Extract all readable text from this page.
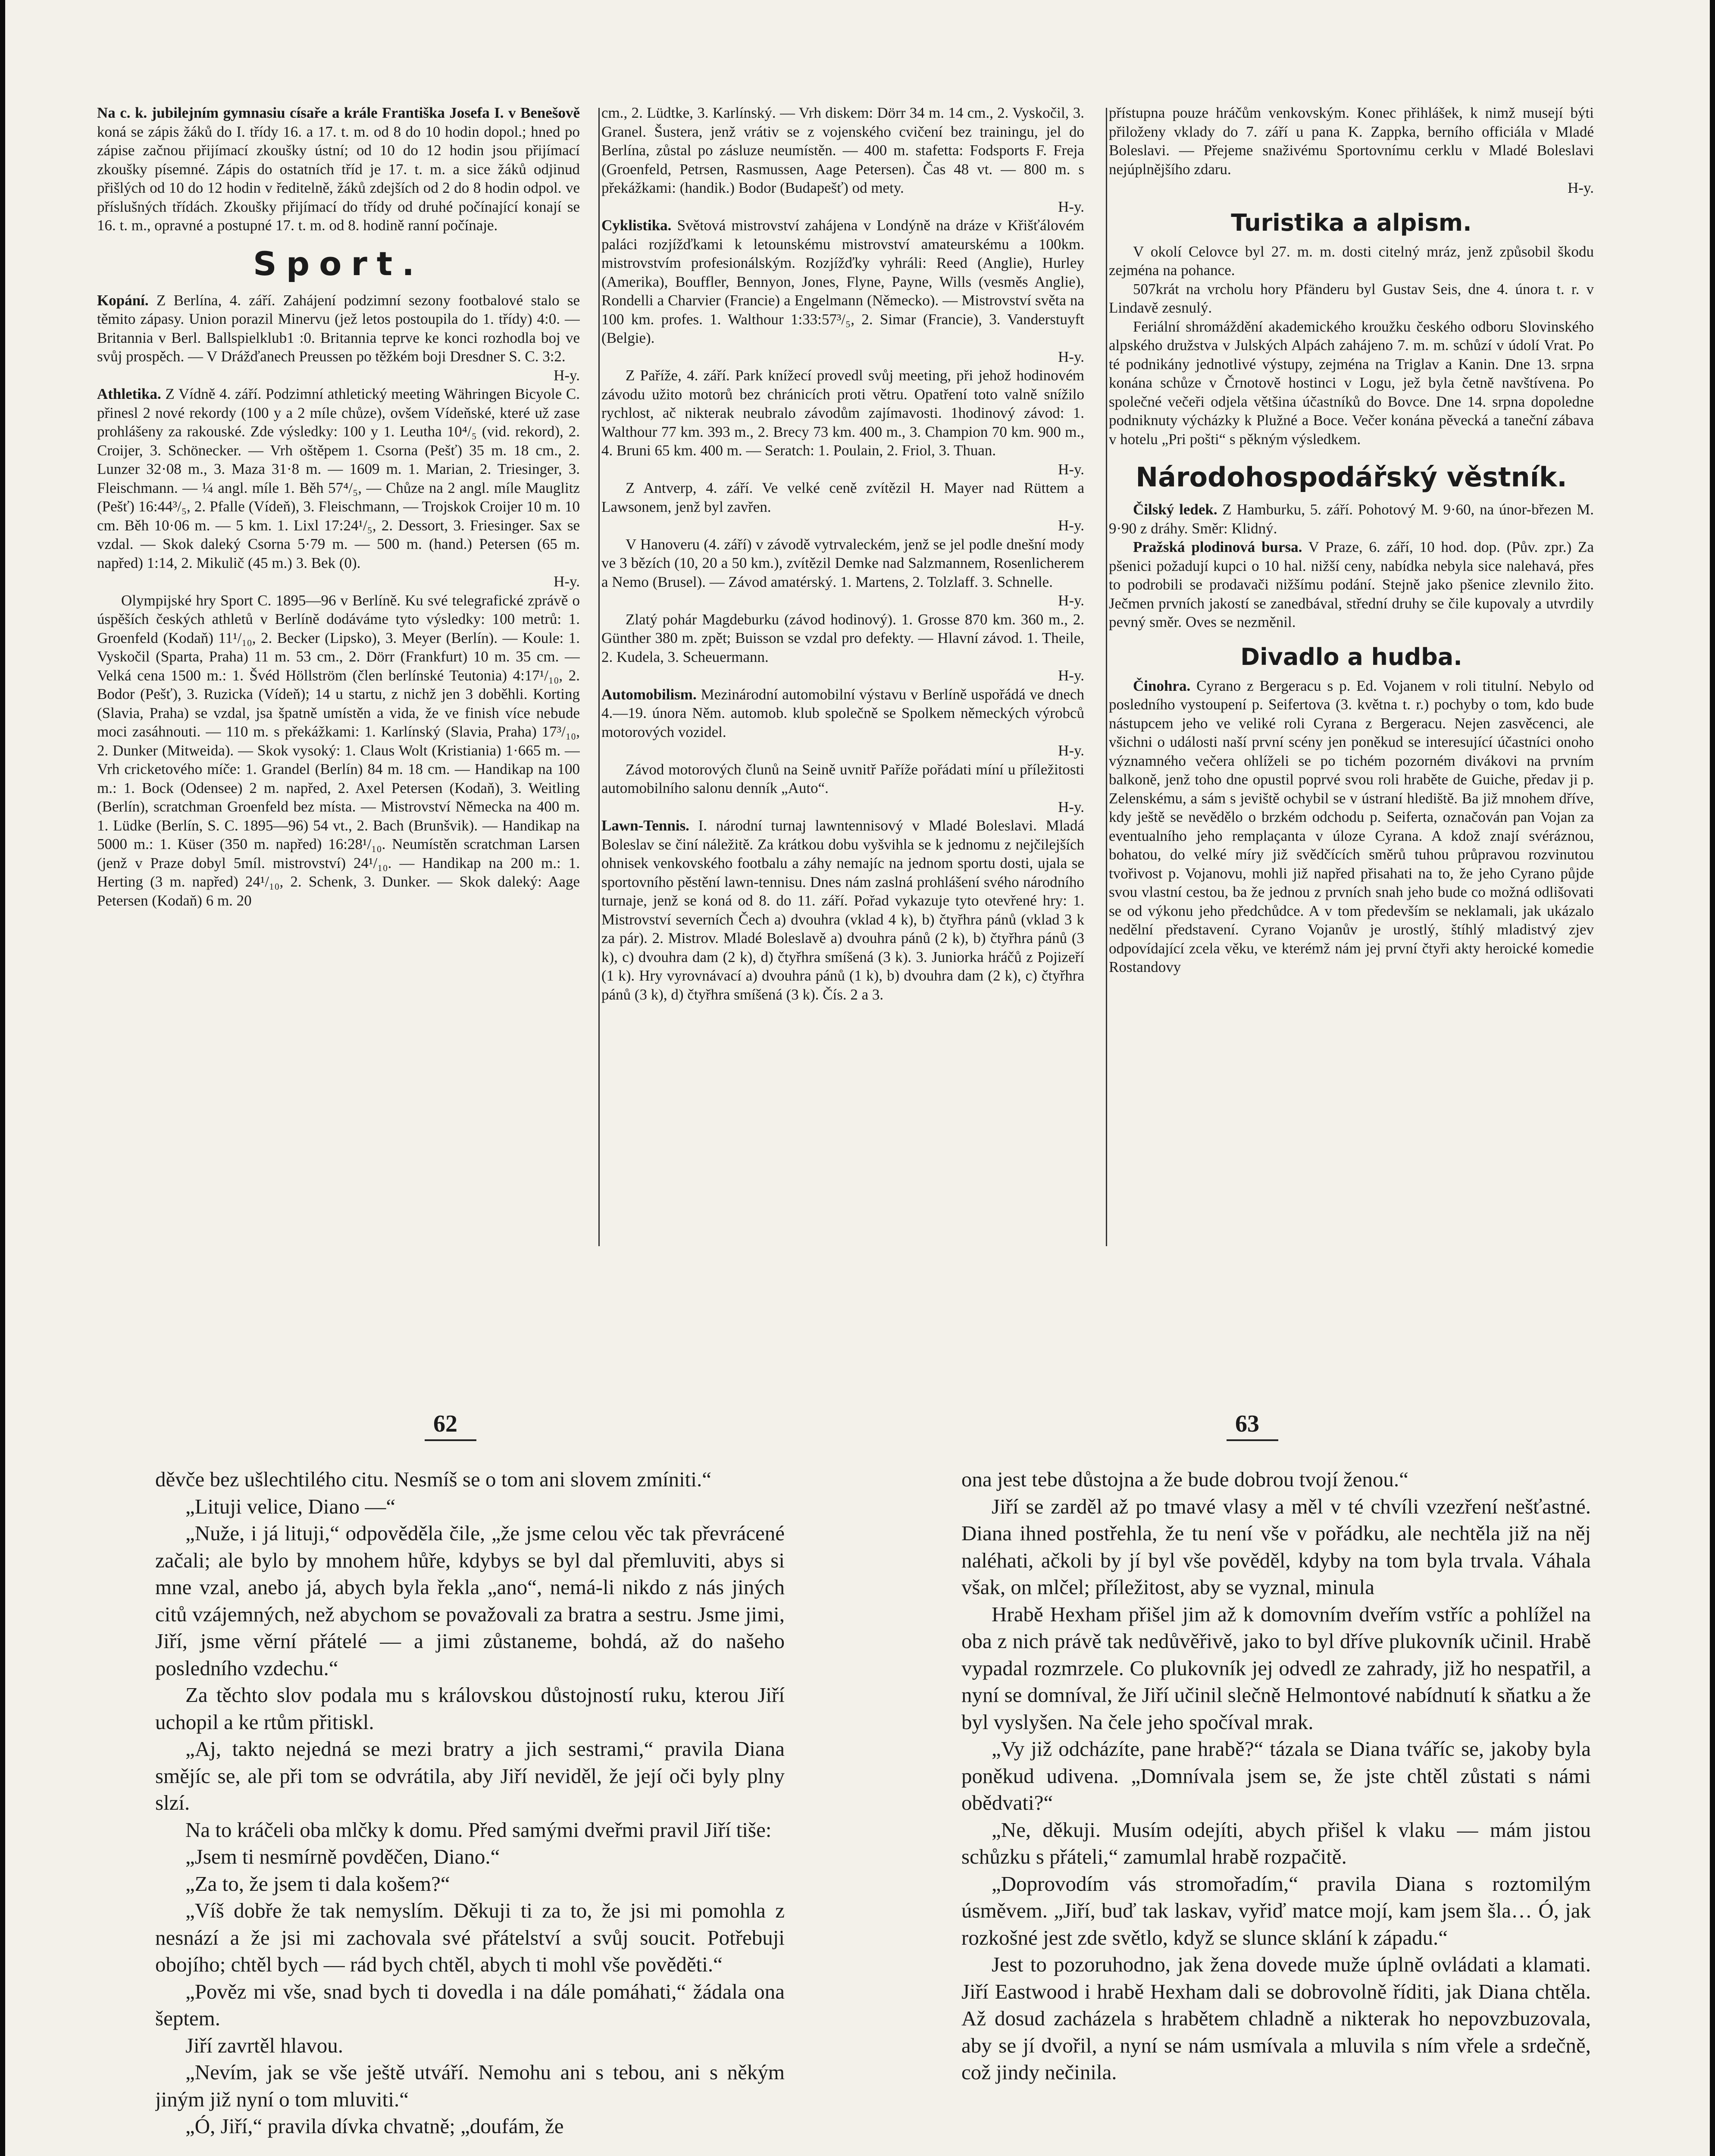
Na c. k. jubilejním gymnasiu císaře a krále Františka Josefa I. v Benešově koná se zápis žáků do I. třídy 16. a 17. t. m. od 8 do 10 hodin dopol.; hned po zápise začnou přijímací zkoušky ústní; od 10 do 12 hodin jsou přijímací zkoušky písemné. Zápis do ostatních tříd je 17. t. m. a sice žáků odjinud přišlých od 10 do 12 hodin v ředitelně, žáků zdejších od 2 do 8 hodin odpol. ve příslušných třídách. Zkoušky přijímací do třídy od druhé počínající konají se 16. t. m., opravné a postupné 17. t. m. od 8. hodině ranní počínaje.

Sport.

Kopání. Z Berlína, 4. září. Zahájení podzimní sezony footbalové stalo se těmito zápasy. Union porazil Minervu (jež letos postoupila do 1. třídy) 4:0. — Britannia v Berl. Ballspielklub1 :0. Britannia teprve ke konci rozhodla boj ve svůj prospěch. — V Drážďanech Preussen po těžkém boji Dresdner S. C. 3:2.

H-y.

Athletika. Z Vídně 4. září. Podzimní athletický meeting Währingen Bicyole C. přinesl 2 nové rekordy (100 y a 2 míle chůze), ovšem Vídeňské, které už zase prohlášeny za rakouské. Zde výsledky: 100 y 1. Leutha 10⁴/₅ (vid. rekord), 2. Croijer, 3. Schönecker. — Vrh oštěpem 1. Csorna (Pešť) 35 m. 18 cm., 2. Lunzer 32·08 m., 3. Maza 31·8 m. — 1609 m. 1. Marian, 2. Triesinger, 3. Fleischmann. — ¼ angl. míle 1. Běh 57⁴/₅, — Chůze na 2 angl. míle Mauglitz (Pešť) 16:44³/₅, 2. Pfalle (Vídeň), 3. Fleischmann, — Trojskok Croijer 10 m. 10 cm. Běh 10·06 m. — 5 km. 1. Lixl 17:24¹/₅, 2. Dessort, 3. Friesinger. Sax se vzdal. — Skok daleký Csorna 5·79 m. — 500 m. (hand.) Petersen (65 m. napřed) 1:14, 2. Mikulič (45 m.) 3. Bek (0).

H-y.

Olympijské hry Sport C. 1895—96 v Berlíně. Ku své telegrafické zprávě o úspěších českých athletů v Berlíně dodáváme tyto výsledky: 100 metrů: 1. Groenfeld (Kodaň) 11¹/₁₀, 2. Becker (Lipsko), 3. Meyer (Berlín). — Koule: 1. Vyskočil (Sparta, Praha) 11 m. 53 cm., 2. Dörr (Frankfurt) 10 m. 35 cm. — Velká cena 1500 m.: 1. Švéd Höllström (člen berlínské Teutonia) 4:17¹/₁₀, 2. Bodor (Pešť), 3. Ruzicka (Vídeň); 14 u startu, z nichž jen 3 doběhli. Korting (Slavia, Praha) se vzdal, jsa špatně umístěn a vida, že ve finish více nebude moci zasáhnouti. — 110 m. s překážkami: 1. Karlínský (Slavia, Praha) 17³/₁₀, 2. Dunker (Mitweida). — Skok vysoký: 1. Claus Wolt (Kristiania) 1·665 m. — Vrh cricketového míče: 1. Grandel (Berlín) 84 m. 18 cm. — Handikap na 100 m.: 1. Bock (Odensee) 2 m. napřed, 2. Axel Petersen (Kodaň), 3. Weitling (Berlín), scratchman Groenfeld bez místa. — Mistrovství Německa na 400 m. 1. Lüdke (Berlín, S. C. 1895—96) 54 vt., 2. Bach (Brunšvik). — Handikap na 5000 m.: 1. Küser (350 m. napřed) 16:28¹/₁₀. Neumístěn scratchman Larsen (jenž v Praze dobyl 5míl. mistrovství) 24¹/₁₀. — Handikap na 200 m.: 1. Herting (3 m. napřed) 24¹/₁₀, 2. Schenk, 3. Dunker. — Skok daleký: Aage Petersen (Kodaň) 6 m. 20

cm., 2. Lüdtke, 3. Karlínský. — Vrh diskem: Dörr 34 m. 14 cm., 2. Vyskočil, 3. Granel. Šustera, jenž vrátiv se z vojenského cvičení bez trainingu, jel do Berlína, zůstal po zásluze neumístěn. — 400 m. stafetta: Fodsports F. Freja (Groenfeld, Petrsen, Rasmussen, Aage Petersen). Čas 48 vt. — 800 m. s překážkami: (handik.) Bodor (Budapešť) od mety.

H-y.

Cyklistika. Světová mistrovství zahájena v Londýně na dráze v Křišťálovém paláci rozjížďkami k letounskému mistrovství amateurskému a 100km. mistrovstvím profesionálským. Rozjížďky vyhráli: Reed (Anglie), Hurley (Amerika), Bouffler, Bennyon, Jones, Flyne, Payne, Wills (vesměs Anglie), Rondelli a Charvier (Francie) a Engelmann (Německo). — Mistrovství světa na 100 km. profes. 1. Walthour 1:33:57³/₅, 2. Simar (Francie), 3. Vanderstuyft (Belgie).

H-y.

Z Paříže, 4. září. Park knížecí provedl svůj meeting, při jehož hodinovém závodu užito motorů bez chránicích proti větru. Opatření toto valně snížilo rychlost, ač nikterak neubralo závodům zajímavosti. 1hodinový závod: 1. Walthour 77 km. 393 m., 2. Brecy 73 km. 400 m., 3. Champion 70 km. 900 m., 4. Bruni 65 km. 400 m. — Seratch: 1. Poulain, 2. Friol, 3. Thuan.

H-y.

Z Antverp, 4. září. Ve velké ceně zvítězil H. Mayer nad Rüttem a Lawsonem, jenž byl zavřen.

H-y.

V Hanoveru (4. září) v závodě vytrvaleckém, jenž se jel podle dnešní mody ve 3 bězích (10, 20 a 50 km.), zvítězil Demke nad Salzmannem, Rosenlicherem a Nemo (Brusel). — Závod amatérský. 1. Martens, 2. Tolzlaff. 3. Schnelle.

H-y.

Zlatý pohár Magdeburku (závod hodinový). 1. Grosse 870 km. 360 m., 2. Günther 380 m. zpět; Buisson se vzdal pro defekty. — Hlavní závod. 1. Theile, 2. Kudela, 3. Scheuermann.

H-y.

Automobilism. Mezinárodní automobilní výstavu v Berlíně uspořádá ve dnech 4.—19. února Něm. automob. klub společně se Spolkem německých výrobců motorových vozidel.

H-y.

Závod motorových člunů na Seině uvnitř Paříže pořádati míní u příležitosti automobilního salonu denník „Auto“.

H-y.

Lawn-Tennis. I. národní turnaj lawntennisový v Mladé Boleslavi. Mladá Boleslav se činí náležitě. Za krátkou dobu vyšvihla se k jednomu z nejčilejších ohnisek venkovského footbalu a záhy nemajíc na jednom sportu dosti, ujala se sportovního pěstění lawn-tennisu. Dnes nám zaslná prohlášení svého národního turnaje, jenž se koná od 8. do 11. září. Pořad vykazuje tyto otevřené hry: 1. Mistrovství severních Čech a) dvouhra (vklad 4 k), b) čtyřhra pánů (vklad 3 k za pár). 2. Mistrov. Mladé Boleslavě a) dvouhra pánů (2 k), b) čtyřhra pánů (3 k), c) dvouhra dam (2 k), d) čtyřhra smíšená (3 k). 3. Juniorka hráčů z Pojizeří (1 k). Hry vyrovnávací a) dvouhra pánů (1 k), b) dvouhra dam (2 k), c) čtyřhra pánů (3 k), d) čtyřhra smíšená (3 k). Čís. 2 a 3.

přístupna pouze hráčům venkovským. Konec přihlášek, k nimž musejí býti přiloženy vklady do 7. září u pana K. Zappka, berního officiála v Mladé Boleslavi. — Přejeme snaživému Sportovnímu cerklu v Mladé Boleslavi nejúplnějšího zdaru.

H-y.
Turistika a alpism.

V okolí Celovce byl 27. m. m. dosti citelný mráz, jenž způsobil škodu zejména na pohance.

507krát na vrcholu hory Pfänderu byl Gustav Seis, dne 4. února t. r. v Lindavě zesnulý.

Feriální shromáždění akademického kroužku českého odboru Slovinského alpského družstva v Julských Alpách zahájeno 7. m. m. schůzí v údolí Vrat. Po té podnikány jednotlivé výstupy, zejména na Triglav a Kanin. Dne 13. srpna konána schůze v Črnotově hostinci v Logu, jež byla četně navštívena. Po společné večeři odjela většina účastníků do Bovce. Dne 14. srpna dopoledne podniknuty výcházky k Plužné a Boce. Večer konána pěvecká a taneční zábava v hotelu „Pri pošti“ s pěkným výsledkem.

Národohospodářský věstník.

Čilský ledek. Z Hamburku, 5. září. Pohotový M. 9·60, na únor-březen M. 9·90 z dráhy. Směr: Klidný.

Pražská plodinová bursa. V Praze, 6. září, 10 hod. dop. (Pův. zpr.) Za pšenici požadují kupci o 10 hal. nižší ceny, nabídka nebyla sice nalehavá, přes to podrobili se prodavači nižšímu podání. Stejně jako pšenice zlevnilo žito. Ječmen prvních jakostí se zanedbával, střední druhy se čile kupovaly a utvrdily pevný směr. Oves se nezměnil.

Divadlo a hudba.

Činohra. Cyrano z Bergeracu s p. Ed. Vojanem v roli titulní. Nebylo od posledního vystoupení p. Seifertova (3. května t. r.) pochyby o tom, kdo bude nástupcem jeho ve veliké roli Cyrana z Bergeracu. Nejen zasvěcenci, ale všichni o události naší první scény jen poněkud se interesující účastníci onoho významného večera ohlíželi se po tichém pozorném divákovi na prvním balkoně, jenž toho dne opustil poprvé svou roli hraběte de Guiche, předav ji p. Zelenskému, a sám s jeviště ochybil se v ústraní hlediště. Ba již mnohem dříve, kdy ještě se nevědělo o brzkém odchodu p. Seiferta, označován pan Vojan za eventualního jeho remplaçanta v úloze Cyrana. A kdož znají svéráznou, bohatou, do velké míry již svědčících směrů tuhou průpravou rozvinutou tvořivost p. Vojanovu, mohli již napřed přisahati na to, že jeho Cyrano půjde svou vlastní cestou, ba že jednou z prvních snah jeho bude co možná odlišovati se od výkonu jeho předchůdce. A v tom především se neklamali, jak ukázalo nedělní představení. Cyrano Vojanův je urostlý, štíhlý mladistvý zjev odpovídající zcela věku, ve kterémž nám jej první čtyři akty heroické komedie Rostandovy

62	63

děvče bez ušlechtilého citu. Nesmíš se o tom ani slovem zmíniti.“

„Lituji velice, Diano —“

„Nuže, i já lituji,“ odpověděla čile, „že jsme celou věc tak převrácené začali; ale bylo by mnohem hůře, kdybys se byl dal přemluviti, abys si mne vzal, anebo já, abych byla řekla „ano“, nemá-li nikdo z nás jiných citů vzájemných, než abychom se považovali za bratra a sestru. Jsme jimi, Jiří, jsme věrní přátelé — a jimi zůstaneme, bohdá, až do našeho posledního vzdechu.“

Za těchto slov podala mu s královskou důstojností ruku, kterou Jiří uchopil a ke rtům přitiskl.

„Aj, takto nejedná se mezi bratry a jich sestrami,“ pravila Diana smějíc se, ale při tom se odvrátila, aby Jiří neviděl, že její oči byly plny slzí.

Na to kráčeli oba mlčky k domu. Před samými dveřmi pravil Jiří tiše:

„Jsem ti nesmírně povděčen, Diano.“

„Za to, že jsem ti dala košem?“

„Víš dobře že tak nemyslím. Děkuji ti za to, že jsi mi pomohla z nesnází a že jsi mi zachovala své přátelství a svůj soucit. Potřebuji obojího; chtěl bych — rád bych chtěl, abych ti mohl vše pověděti.“

„Pověz mi vše, snad bych ti dovedla i na dále pomáhati,“ žádala ona šeptem.

Jiří zavrtěl hlavou.

„Nevím, jak se vše ještě utváří. Nemohu ani s tebou, ani s někým jiným již nyní o tom mluviti.“

„Ó, Jiří,“ pravila dívka chvatně; „doufám, že

ona jest tebe důstojna a že bude dobrou tvojí ženou.“

Jiří se zarděl až po tmavé vlasy a měl v té chvíli vzezření nešťastné. Diana ihned postřehla, že tu není vše v pořádku, ale nechtěla již na něj naléhati, ačkoli by jí byl vše pověděl, kdyby na tom byla trvala. Váhala však, on mlčel; příležitost, aby se vyznal, minula

Hrabě Hexham přišel jim až k domovním dveřím vstříc a pohlížel na oba z nich právě tak nedůvěřivě, jako to byl dříve plukovník učinil. Hrabě vypadal rozmrzele. Co plukovník jej odvedl ze zahrady, již ho nespatřil, a nyní se domníval, že Jiří učinil slečně Helmontové nabídnutí k sňatku a že byl vyslyšen. Na čele jeho spočíval mrak.

„Vy již odcházíte, pane hrabě?“ tázala se Diana tváříc se, jakoby byla poněkud udivena. „Domnívala jsem se, že jste chtěl zůstati s námi obědvati?“

„Ne, děkuji. Musím odejíti, abych přišel k vlaku — mám jistou schůzku s přáteli,“ zamumlal hrabě rozpačitě.

„Doprovodím vás stromořadím,“ pravila Diana s roztomilým úsměvem. „Jiří, buď tak laskav, vyřiď matce mojí, kam jsem šla… Ó, jak rozkošné jest zde světlo, když se slunce sklání k západu.“

Jest to pozoruhodno, jak žena dovede muže úplně ovládati a klamati. Jiří Eastwood i hrabě Hexham dali se dobrovolně říditi, jak Diana chtěla. Až dosud zacházela s hrabětem chladně a nikterak ho nepovzbuzovala, aby se jí dvořil, a nyní se nám usmívala a mluvila s ním vřele a srdečně, což jindy nečinila.
